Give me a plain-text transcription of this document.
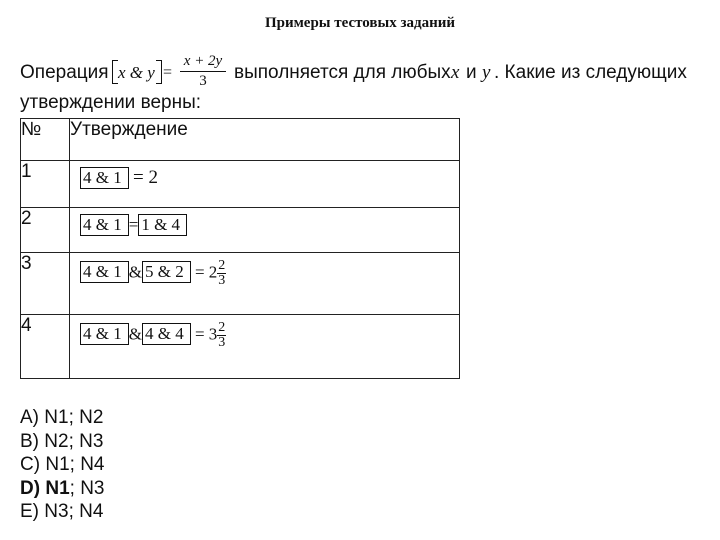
Примеры тестовых заданий
Операция x & y =
x + 2y
3	выполняется для любых x и y . Какие из следующих
утверждении верны:
№	Утверждение
1	4 & 1 = 2

2	4 & 1 = 1 & 4

3	4 & 1 & 5 & $2 = 2 \frac{2}{3}$

4	4 & 1 & 4 & $4 = 3 \frac{2}{3}$
A) N1; N2
B) N2; N3
C) N1; N4
D) N1; N3
E) N3; N4
